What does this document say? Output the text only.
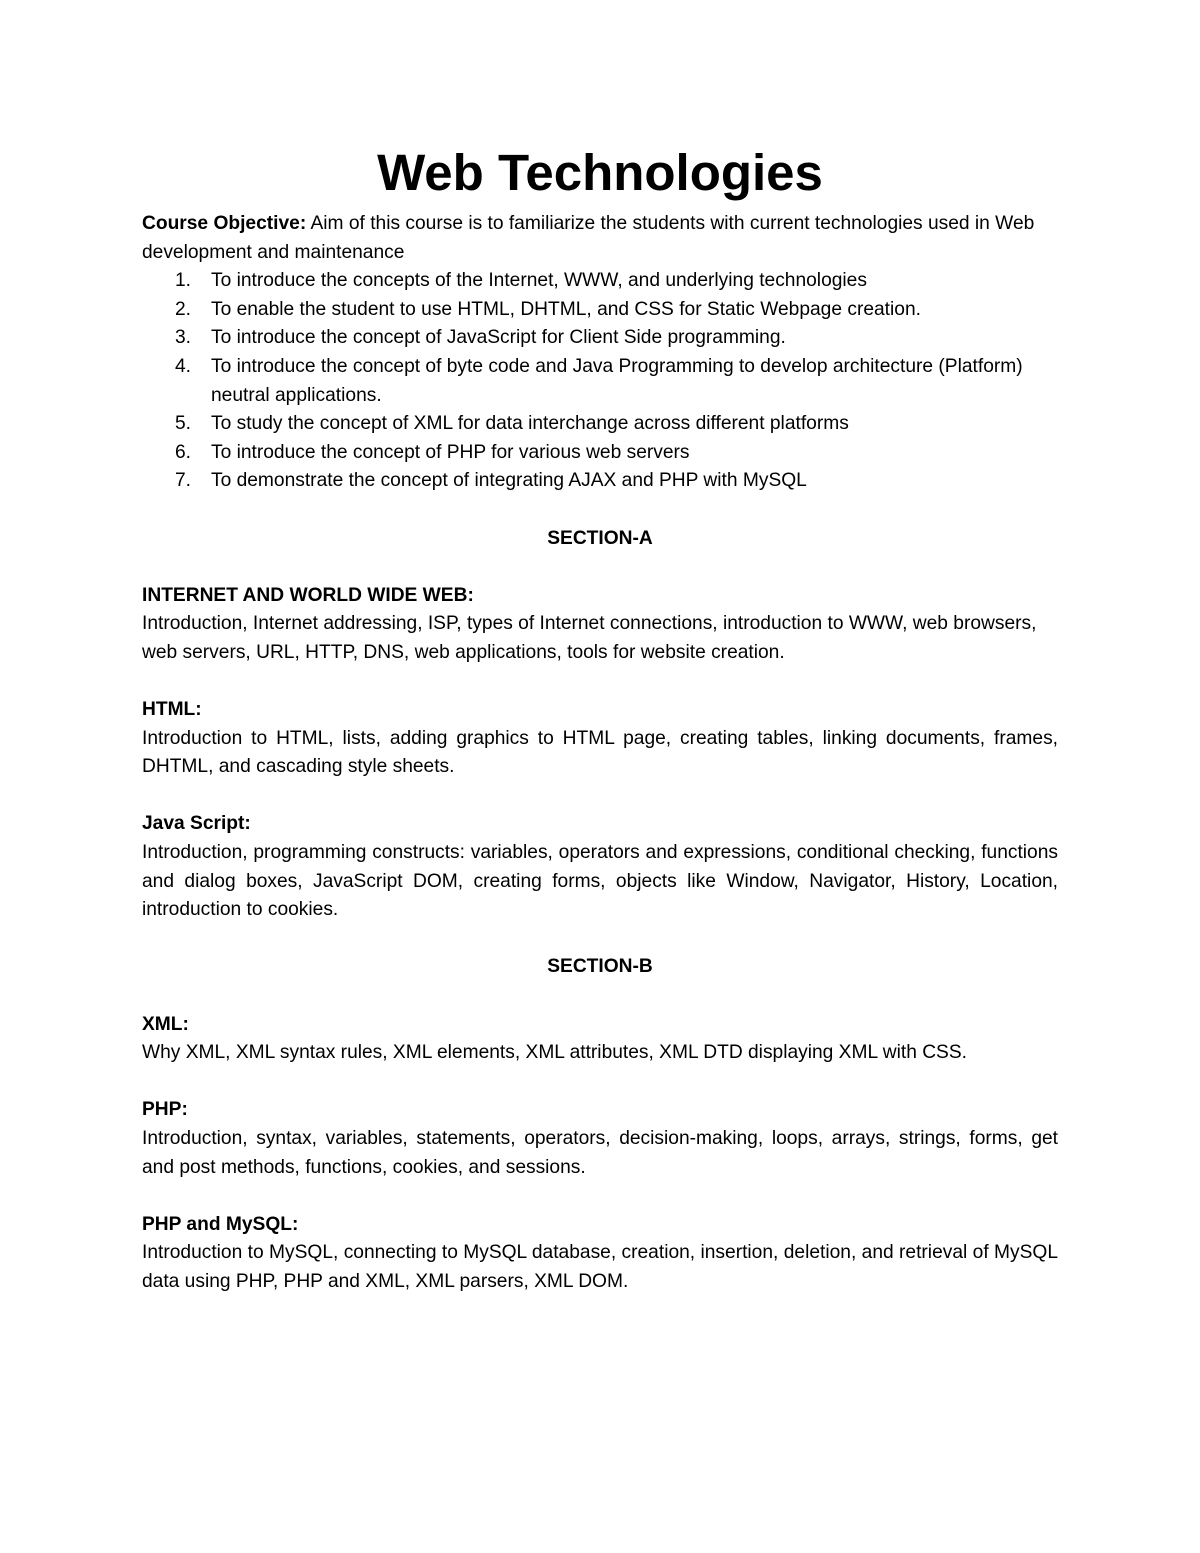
Web Technologies

Course Objective: Aim of this course is to familiarize the students with current technologies used in Web development and maintenance

1.	To introduce the concepts of the Internet, WWW, and underlying technologies
2.	To enable the student to use HTML, DHTML, and CSS for Static Webpage creation.
3.	To introduce the concept of JavaScript for Client Side programming.
4.	To introduce the concept of byte code and Java Programming to develop architecture (Platform) neutral applications.
5.	To study the concept of XML for data interchange across different platforms
6.	To introduce the concept of PHP for various web servers
7.	To demonstrate the concept of integrating AJAX and PHP with MySQL
SECTION-A

INTERNET AND WORLD WIDE WEB:

Introduction, Internet addressing, ISP, types of Internet connections, introduction to WWW, web browsers, web servers, URL, HTTP, DNS, web applications, tools for website creation.

HTML:

Introduction to HTML, lists, adding graphics to HTML page, creating tables, linking documents, frames, DHTML, and cascading style sheets.

Java Script:

Introduction, programming constructs: variables, operators and expressions, conditional checking, functions and dialog boxes, JavaScript DOM, creating forms, objects like Window, Navigator, History, Location, introduction to cookies.

SECTION-B

XML:

Why XML, XML syntax rules, XML elements, XML attributes, XML DTD displaying XML with CSS.

PHP:

Introduction, syntax, variables, statements, operators, decision-making, loops, arrays, strings, forms, get and post methods, functions, cookies, and sessions.

PHP and MySQL:

Introduction to MySQL, connecting to MySQL database, creation, insertion, deletion, and retrieval of MySQL data using PHP, PHP and XML, XML parsers, XML DOM.
